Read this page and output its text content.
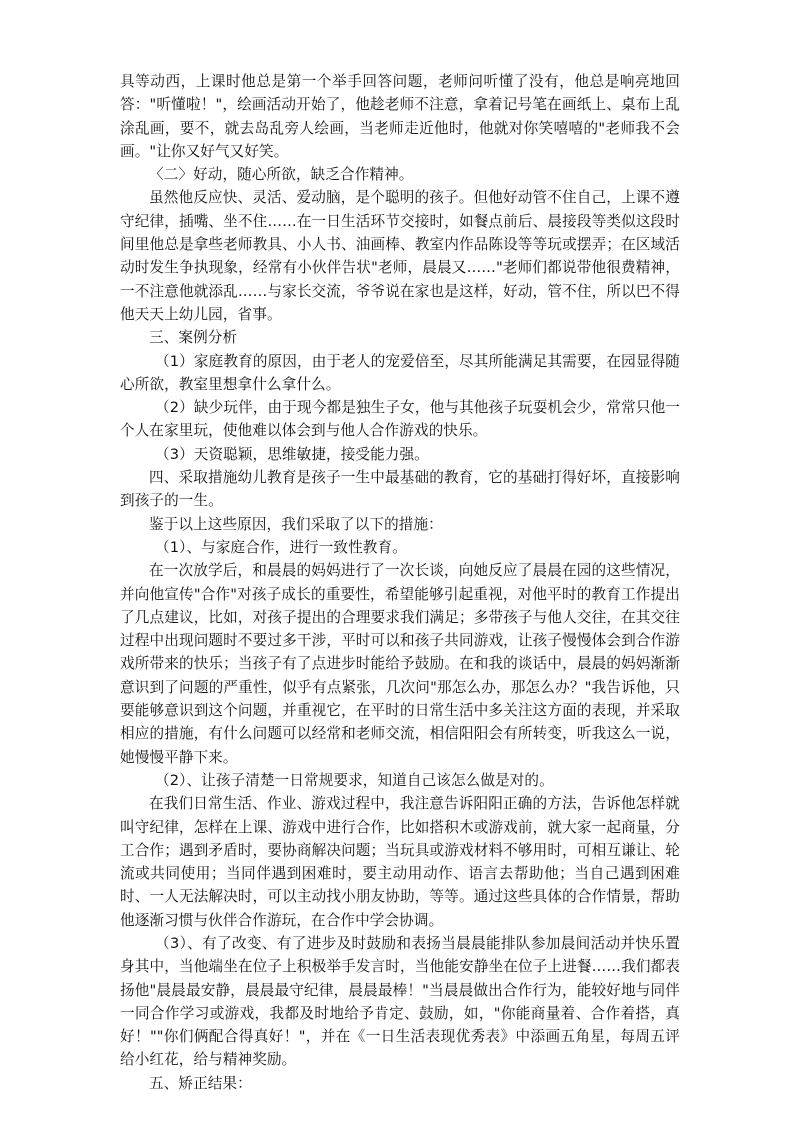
具等动西，上课时他总是第一个举手回答问题，老师问听懂了没有，他总是响亮地回答："听懂啦！"，绘画活动开始了，他趁老师不注意，拿着记号笔在画纸上、桌布上乱涂乱画，要不，就去岛乱旁人绘画，当老师走近他时，他就对你笑嘻嘻的"老师我不会画。"让你又好气又好笑。

〈二〉好动，随心所欲，缺乏合作精神。

虽然他反应快、灵活、爱动脑，是个聪明的孩子。但他好动管不住自己，上课不遵守纪律，插嘴、坐不住……在一日生活环节交接时，如餐点前后、晨接段等类似这段时间里他总是拿些老师教具、小人书、油画棒、教室内作品陈设等等玩或摆弄；在区域活动时发生争执现象，经常有小伙伴告状"老师，晨晨又……"老师们都说带他很费精神，一不注意他就添乱……与家长交流，爷爷说在家也是这样，好动，管不住，所以巴不得他天天上幼儿园，省事。

三、案例分析

（1）家庭教育的原因，由于老人的宠爱倍至，尽其所能满足其需要，在园显得随心所欲，教室里想拿什么拿什么。

（2）缺少玩伴，由于现今都是独生子女，他与其他孩子玩耍机会少，常常只他一个人在家里玩，使他难以体会到与他人合作游戏的快乐。

（3）天资聪颖，思维敏捷，接受能力强。

四、采取措施幼儿教育是孩子一生中最基础的教育，它的基础打得好坏，直接影响到孩子的一生。

鉴于以上这些原因，我们采取了以下的措施：

（1）、与家庭合作，进行一致性教育。

在一次放学后，和晨晨的妈妈进行了一次长谈，向她反应了晨晨在园的这些情况，并向他宣传"合作"对孩子成长的重要性，希望能够引起重视，对他平时的教育工作提出了几点建议，比如，对孩子提出的合理要求我们满足；多带孩子与他人交往，在其交往过程中出现问题时不要过多干涉，平时可以和孩子共同游戏，让孩子慢慢体会到合作游戏所带来的快乐；当孩子有了点进步时能给予鼓励。在和我的谈话中，晨晨的妈妈渐渐意识到了问题的严重性，似乎有点紧张，几次问"那怎么办，那怎么办？"我告诉他，只要能够意识到这个问题，并重视它，在平时的日常生活中多关注这方面的表现，并采取相应的措施，有什么问题可以经常和老师交流，相信阳阳会有所转变，听我这么一说，她慢慢平静下来。

（2）、让孩子清楚一日常规要求，知道自己该怎么做是对的。

在我们日常生活、作业、游戏过程中，我注意告诉阳阳正确的方法，告诉他怎样就叫守纪律，怎样在上课、游戏中进行合作，比如搭积木或游戏前，就大家一起商量，分工合作；遇到矛盾时，要协商解决问题；当玩具或游戏材料不够用时，可相互谦让、轮流或共同使用；当同伴遇到困难时，要主动用动作、语言去帮助他；当自己遇到困难时、一人无法解决时，可以主动找小朋友协助，等等。通过这些具体的合作情景，帮助他逐渐习惯与伙伴合作游玩，在合作中学会协调。

（3）、有了改变、有了进步及时鼓励和表扬当晨晨能排队参加晨间活动并快乐置身其中，当他端坐在位子上积极举手发言时，当他能安静坐在位子上进餐……我们都表扬他"晨晨最安静，晨晨最守纪律，晨晨最棒！"当晨晨做出合作行为，能较好地与同伴一同合作学习或游戏，我都及时地给予肯定、鼓励，如，"你能商量着、合作着搭，真好！""你们俩配合得真好！"，并在《一日生活表现优秀表》中添画五角星，每周五评给小红花，给与精神奖励。

五、矫正结果：
